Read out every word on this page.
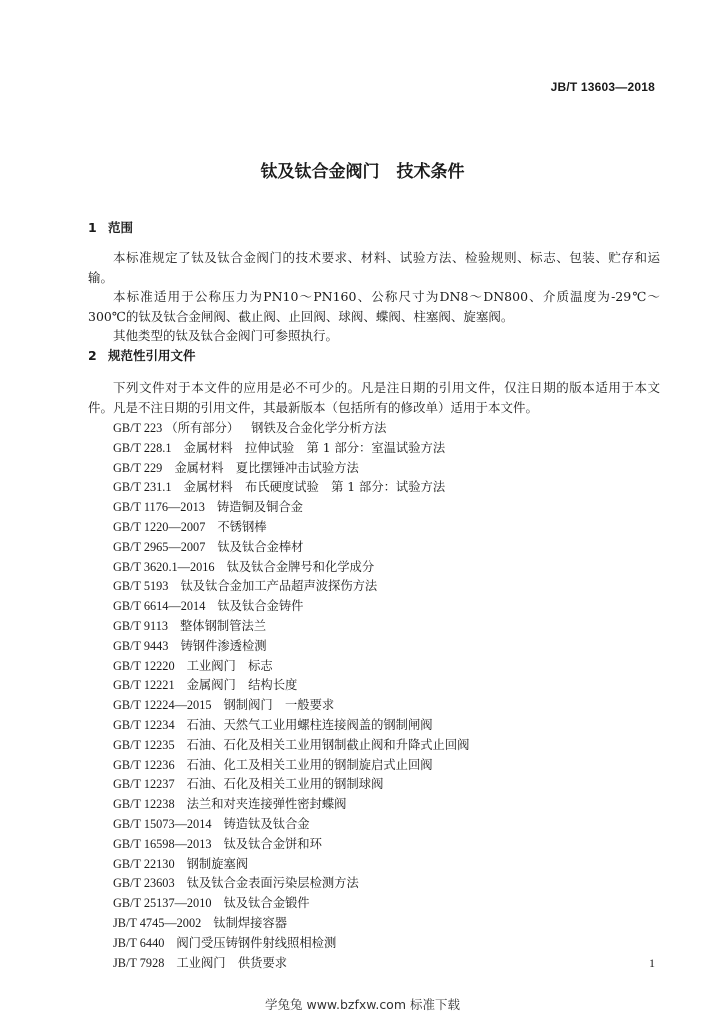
JB/T 13603—2018
钛及钛合金阀门　技术条件
1 范围

本标准规定了钛及钛合金阀门的技术要求、材料、试验方法、检验规则、标志、包装、贮存和运输。

本标准适用于公称压力为PN10～PN160、公称尺寸为DN8～DN800、介质温度为-29℃～300℃的钛及钛合金闸阀、截止阀、止回阀、球阀、蝶阀、柱塞阀、旋塞阀。

其他类型的钛及钛合金阀门可参照执行。

2 规范性引用文件

下列文件对于本文件的应用是必不可少的。凡是注日期的引用文件，仅注日期的版本适用于本文件。凡是不注日期的引用文件，其最新版本（包括所有的修改单）适用于本文件。

GB/T 223 （所有部分） 钢铁及合金化学分析方法
GB/T 228.1 金属材料　拉伸试验　第 1 部分：室温试验方法
GB/T 229 金属材料　夏比摆锤冲击试验方法
GB/T 231.1 金属材料　布氏硬度试验　第 1 部分：试验方法
GB/T 1176—2013 铸造铜及铜合金
GB/T 1220—2007 不锈钢棒
GB/T 2965—2007 钛及钛合金棒材
GB/T 3620.1—2016 钛及钛合金牌号和化学成分
GB/T 5193 钛及钛合金加工产品超声波探伤方法
GB/T 6614—2014 钛及钛合金铸件
GB/T 9113 整体钢制管法兰
GB/T 9443 铸钢件渗透检测
GB/T 12220 工业阀门　标志
GB/T 12221 金属阀门　结构长度
GB/T 12224—2015 钢制阀门　一般要求
GB/T 12234 石油、天然气工业用螺柱连接阀盖的钢制闸阀
GB/T 12235 石油、石化及相关工业用钢制截止阀和升降式止回阀
GB/T 12236 石油、化工及相关工业用的钢制旋启式止回阀
GB/T 12237 石油、石化及相关工业用的钢制球阀
GB/T 12238 法兰和对夹连接弹性密封蝶阀
GB/T 15073—2014 铸造钛及钛合金
GB/T 16598—2013 钛及钛合金饼和环
GB/T 22130 钢制旋塞阀
GB/T 23603 钛及钛合金表面污染层检测方法
GB/T 25137—2010 钛及钛合金锻件
JB/T 4745—2002 钛制焊接容器
JB/T 6440 阀门受压铸钢件射线照相检测
JB/T 7928 工业阀门　供货要求	1
学兔兔 www.bzfxw.com 标准下载
